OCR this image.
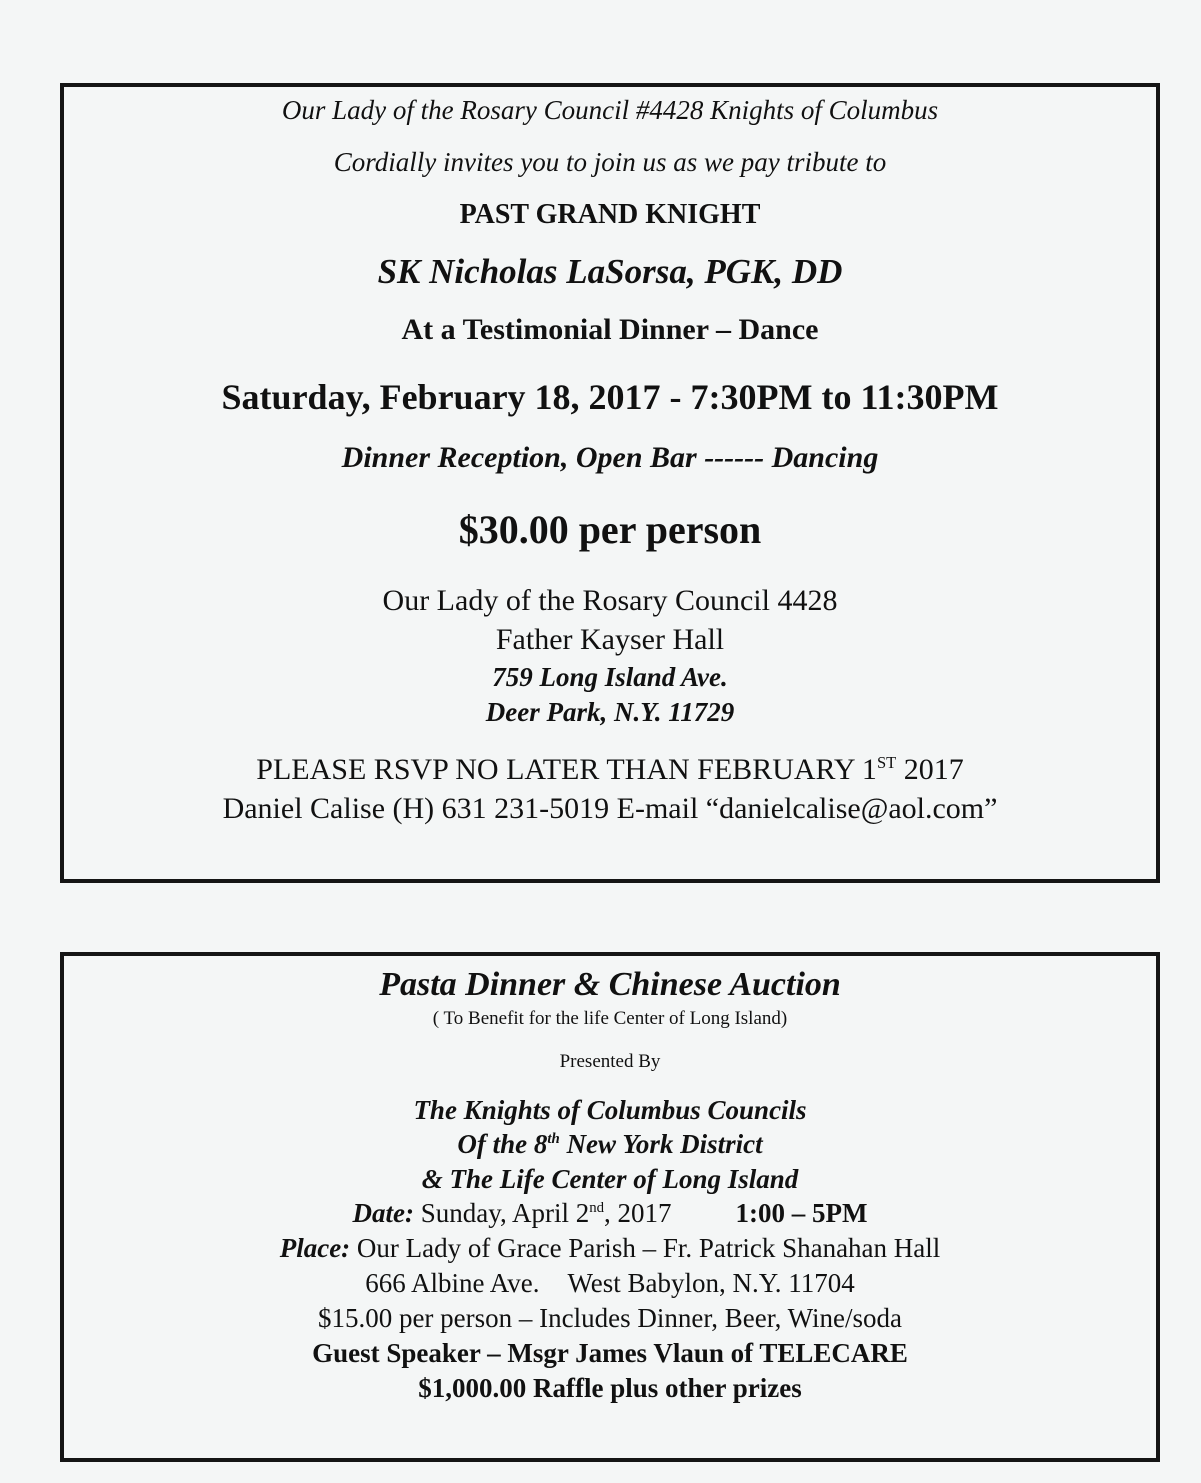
Our Lady of the Rosary Council #4428 Knights of Columbus

Cordially invites you to join us as we pay tribute to

PAST GRAND KNIGHT

SK Nicholas LaSorsa, PGK, DD

At a Testimonial Dinner – Dance

Saturday, February 18, 2017 - 7:30PM to 11:30PM

Dinner Reception, Open Bar ------ Dancing

$30.00 per person

Our Lady of the Rosary Council 4428

Father Kayser Hall

759 Long Island Ave.

Deer Park, N.Y. 11729

PLEASE RSVP NO LATER THAN FEBRUARY 1ST 2017

Daniel Calise (H) 631 231-5019 E-mail “danielcalise@aol.com”

Pasta Dinner & Chinese Auction

( To Benefit for the life Center of Long Island)

Presented By

The Knights of Columbus Councils

Of the 8th New York District

& The Life Center of Long Island

Date: Sunday, April 2nd, 2017 1:00 – 5PM

Place: Our Lady of Grace Parish – Fr. Patrick Shanahan Hall

666 Albine Ave. West Babylon, N.Y. 11704

$15.00 per person – Includes Dinner, Beer, Wine/soda

Guest Speaker – Msgr James Vlaun of TELECARE

$1,000.00 Raffle plus other prizes
